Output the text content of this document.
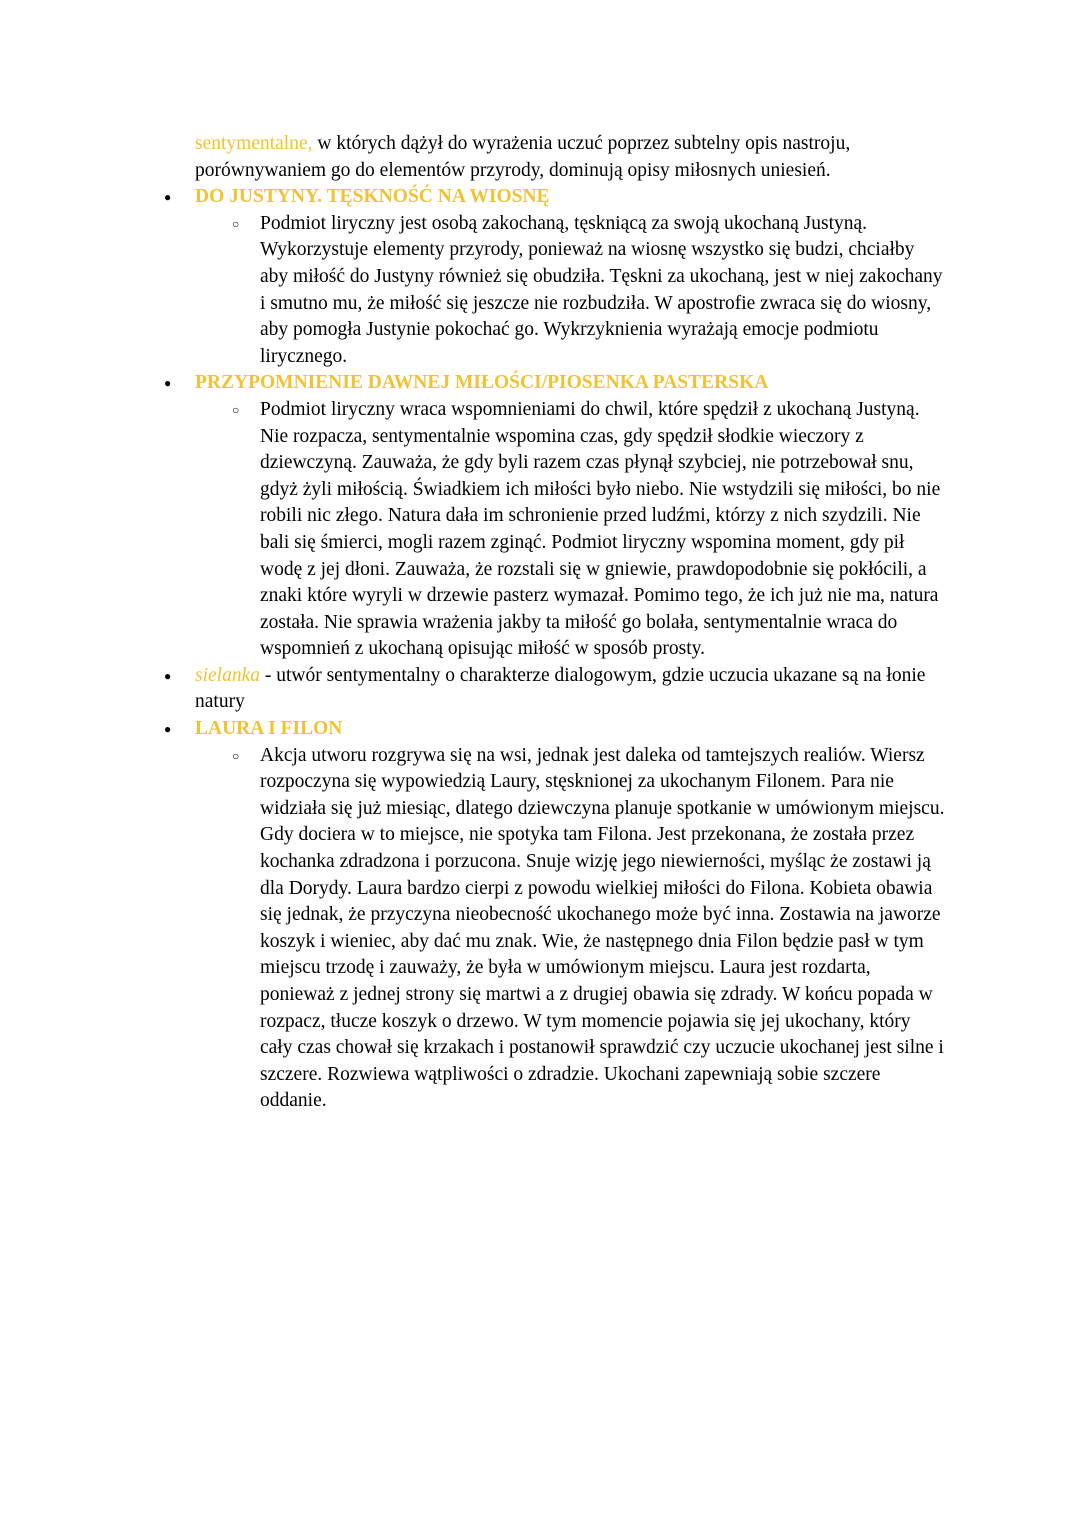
sentymentalne, w których dążył do wyrażenia uczuć poprzez subtelny opis nastroju, porównywaniem go do elementów przyrody, dominują opisy miłosnych uniesień.

● DO JUSTYNY. TĘSKNOŚĆ NA WIOSNĘ
○ Podmiot liryczny jest osobą zakochaną, tęskniącą za swoją ukochaną Justyną. Wykorzystuje elementy przyrody, ponieważ na wiosnę wszystko się budzi, chciałby aby miłość do Justyny również się obudziła. Tęskni za ukochaną, jest w niej zakochany i smutno mu, że miłość się jeszcze nie rozbudziła. W apostrofie zwraca się do wiosny, aby pomogła Justynie pokochać go. Wykrzyknienia wyrażają emocje podmiotu lirycznego.
● PRZYPOMNIENIE DAWNEJ MIŁOŚCI/PIOSENKA PASTERSKA
○ Podmiot liryczny wraca wspomnieniami do chwil, które spędził z ukochaną Justyną. Nie rozpacza, sentymentalnie wspomina czas, gdy spędził słodkie wieczory z dziewczyną. Zauważa, że gdy byli razem czas płynął szybciej, nie potrzebował snu, gdyż żyli miłością. Świadkiem ich miłości było niebo. Nie wstydzili się miłości, bo nie robili nic złego. Natura dała im schronienie przed ludźmi, którzy z nich szydzili. Nie bali się śmierci, mogli razem zginąć. Podmiot liryczny wspomina moment, gdy pił wodę z jej dłoni. Zauważa, że rozstali się w gniewie, prawdopodobnie się pokłócili, a znaki które wyryli w drzewie pasterz wymazał. Pomimo tego, że ich już nie ma, natura została. Nie sprawia wrażenia jakby ta miłość go bolała, sentymentalnie wraca do wspomnień z ukochaną opisując miłość w sposób prosty.
● sielanka - utwór sentymentalny o charakterze dialogowym, gdzie uczucia ukazane są na łonie natury
● LAURA I FILON
○ Akcja utworu rozgrywa się na wsi, jednak jest daleka od tamtejszych realiów. Wiersz rozpoczyna się wypowiedzią Laury, stęsknionej za ukochanym Filonem. Para nie widziała się już miesiąc, dlatego dziewczyna planuje spotkanie w umówionym miejscu. Gdy dociera w to miejsce, nie spotyka tam Filona. Jest przekonana, że została przez kochanka zdradzona i porzucona. Snuje wizję jego niewierności, myśląc że zostawi ją dla Dorydy. Laura bardzo cierpi z powodu wielkiej miłości do Filona. Kobieta obawia się jednak, że przyczyna nieobecność ukochanego może być inna. Zostawia na jaworze koszyk i wieniec, aby dać mu znak. Wie, że następnego dnia Filon będzie pasł w tym miejscu trzodę i zauważy, że była w umówionym miejscu. Laura jest rozdarta, ponieważ z jednej strony się martwi a z drugiej obawia się zdrady. W końcu popada w rozpacz, tłucze koszyk o drzewo. W tym momencie pojawia się jej ukochany, który cały czas chował się krzakach i postanowił sprawdzić czy uczucie ukochanej jest silne i szczere. Rozwiewa wątpliwości o zdradzie. Ukochani zapewniają sobie szczere oddanie.
